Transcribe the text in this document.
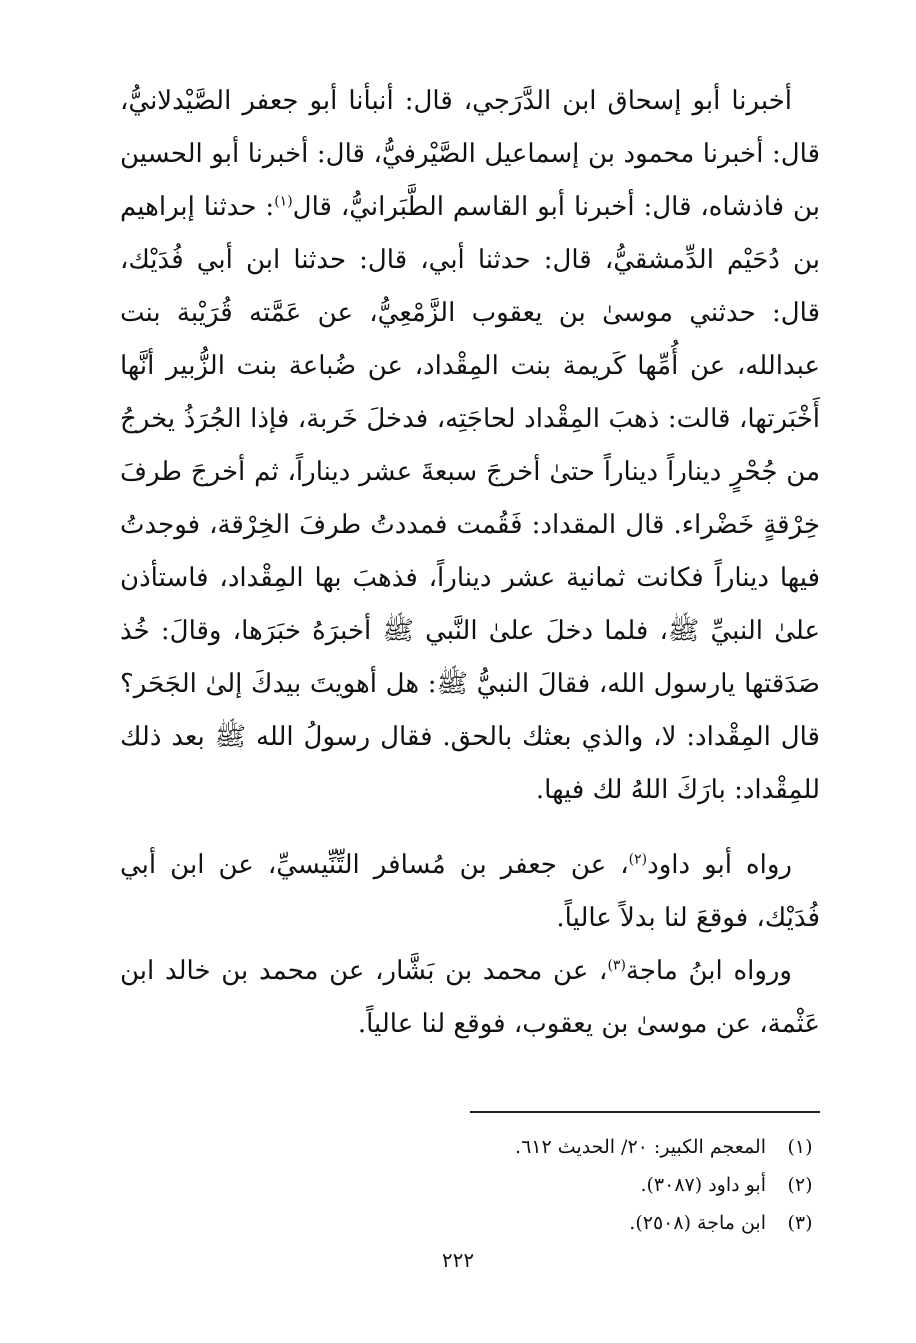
أخبرنا أبو إسحاق ابن الدَّرَجي، قال: أنبأنا أبو جعفر الصَّيْدلانيُّ، قال: أخبرنا محمود بن إسماعيل الصَّيْرفيُّ، قال: أخبرنا أبو الحسين بن فاذشاه، قال: أخبرنا أبو القاسم الطَّبَرانيُّ، قال$^{(١)}$: حدثنا إبراهيم بن دُحَيْم الدِّمشقيُّ، قال: حدثنا أبي، قال: حدثنا ابن أبي فُدَيْك، قال: حدثني موسىٰ بن يعقوب الزَّمْعِيُّ، عن عَمَّته قُرَيْبة بنت عبدالله، عن أُمِّها كَريمة بنت المِقْداد، عن ضُباعة بنت الزُّبير أنَّها أَخْبَرتها، قالت: ذهبَ المِقْداد لحاجَتِه، فدخلَ خَربة، فإذا الجُرَذُ يخرجُ من جُحْرٍ ديناراً ديناراً حتىٰ أخرجَ سبعةَ عشر ديناراً، ثم أخرجَ طرفَ خِرْقةٍ خَضْراء. قال المقداد: فَقُمت فمددتُ طرفَ الخِرْقة، فوجدتُ فيها ديناراً فكانت ثمانية عشر ديناراً، فذهبَ بها المِقْداد، فاستأذن علىٰ النبيِّ ﷺ، فلما دخلَ علىٰ النَّبي ﷺ أخبرَهُ خبَرَها، وقالَ: خُذ صَدَقتها يارسول الله، فقالَ النبيُّ ﷺ: هل أهويتَ بيدكَ إلىٰ الجَحَر؟ قال المِقْداد: لا، والذي بعثك بالحق. فقال رسولُ الله ﷺ بعد ذلك للمِقْداد: بارَكَ اللهُ لك فيها.

رواه أبو داود$^{(٢)}$، عن جعفر بن مُسافر التِّنِّيسيِّ، عن ابن أبي فُدَيْك، فوقعَ لنا بدلاً عالياً.

ورواه ابنُ ماجة$^{(٣)}$، عن محمد بن بَشَّار، عن محمد بن خالد ابن عَثْمة، عن موسىٰ بن يعقوب، فوقع لنا عالياً.

(١)المعجم الكبير: ٢٠/ الحديث ٦١٢.
(٢)أبو داود (٣٠٨٧).
(٣)ابن ماجة (٢٥٠٨).
٢٢٢
